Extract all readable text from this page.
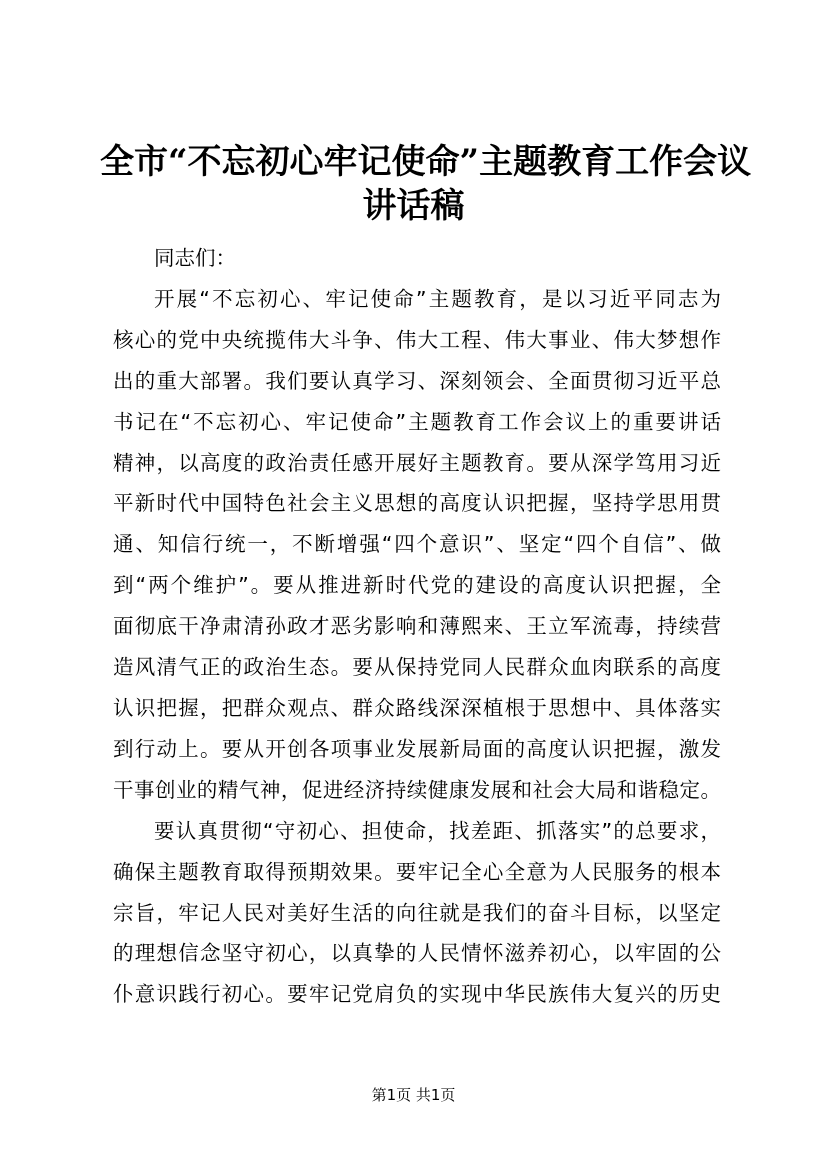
全市“不忘初心牢记使命”主题教育工作会议
讲话稿

同志们：

开展“不忘初心、牢记使命”主题教育，是以习近平同志为
核心的党中央统揽伟大斗争、伟大工程、伟大事业、伟大梦想作
出的重大部署。我们要认真学习、深刻领会、全面贯彻习近平总
书记在“不忘初心、牢记使命”主题教育工作会议上的重要讲话
精神，以高度的政治责任感开展好主题教育。要从深学笃用习近
平新时代中国特色社会主义思想的高度认识把握，坚持学思用贯
通、知信行统一，不断增强“四个意识”、坚定“四个自信”、做
到“两个维护”。要从推进新时代党的建设的高度认识把握，全
面彻底干净肃清孙政才恶劣影响和薄熙来、王立军流毒，持续营
造风清气正的政治生态。要从保持党同人民群众血肉联系的高度
认识把握，把群众观点、群众路线深深植根于思想中、具体落实
到行动上。要从开创各项事业发展新局面的高度认识把握，激发
干事创业的精气神，促进经济持续健康发展和社会大局和谐稳定。

要认真贯彻“守初心、担使命，找差距、抓落实”的总要求，
确保主题教育取得预期效果。要牢记全心全意为人民服务的根本
宗旨，牢记人民对美好生活的向往就是我们的奋斗目标，以坚定
的理想信念坚守初心，以真挚的人民情怀滋养初心，以牢固的公
仆意识践行初心。要牢记党肩负的实现中华民族伟大复兴的历史

第1页 共1页
